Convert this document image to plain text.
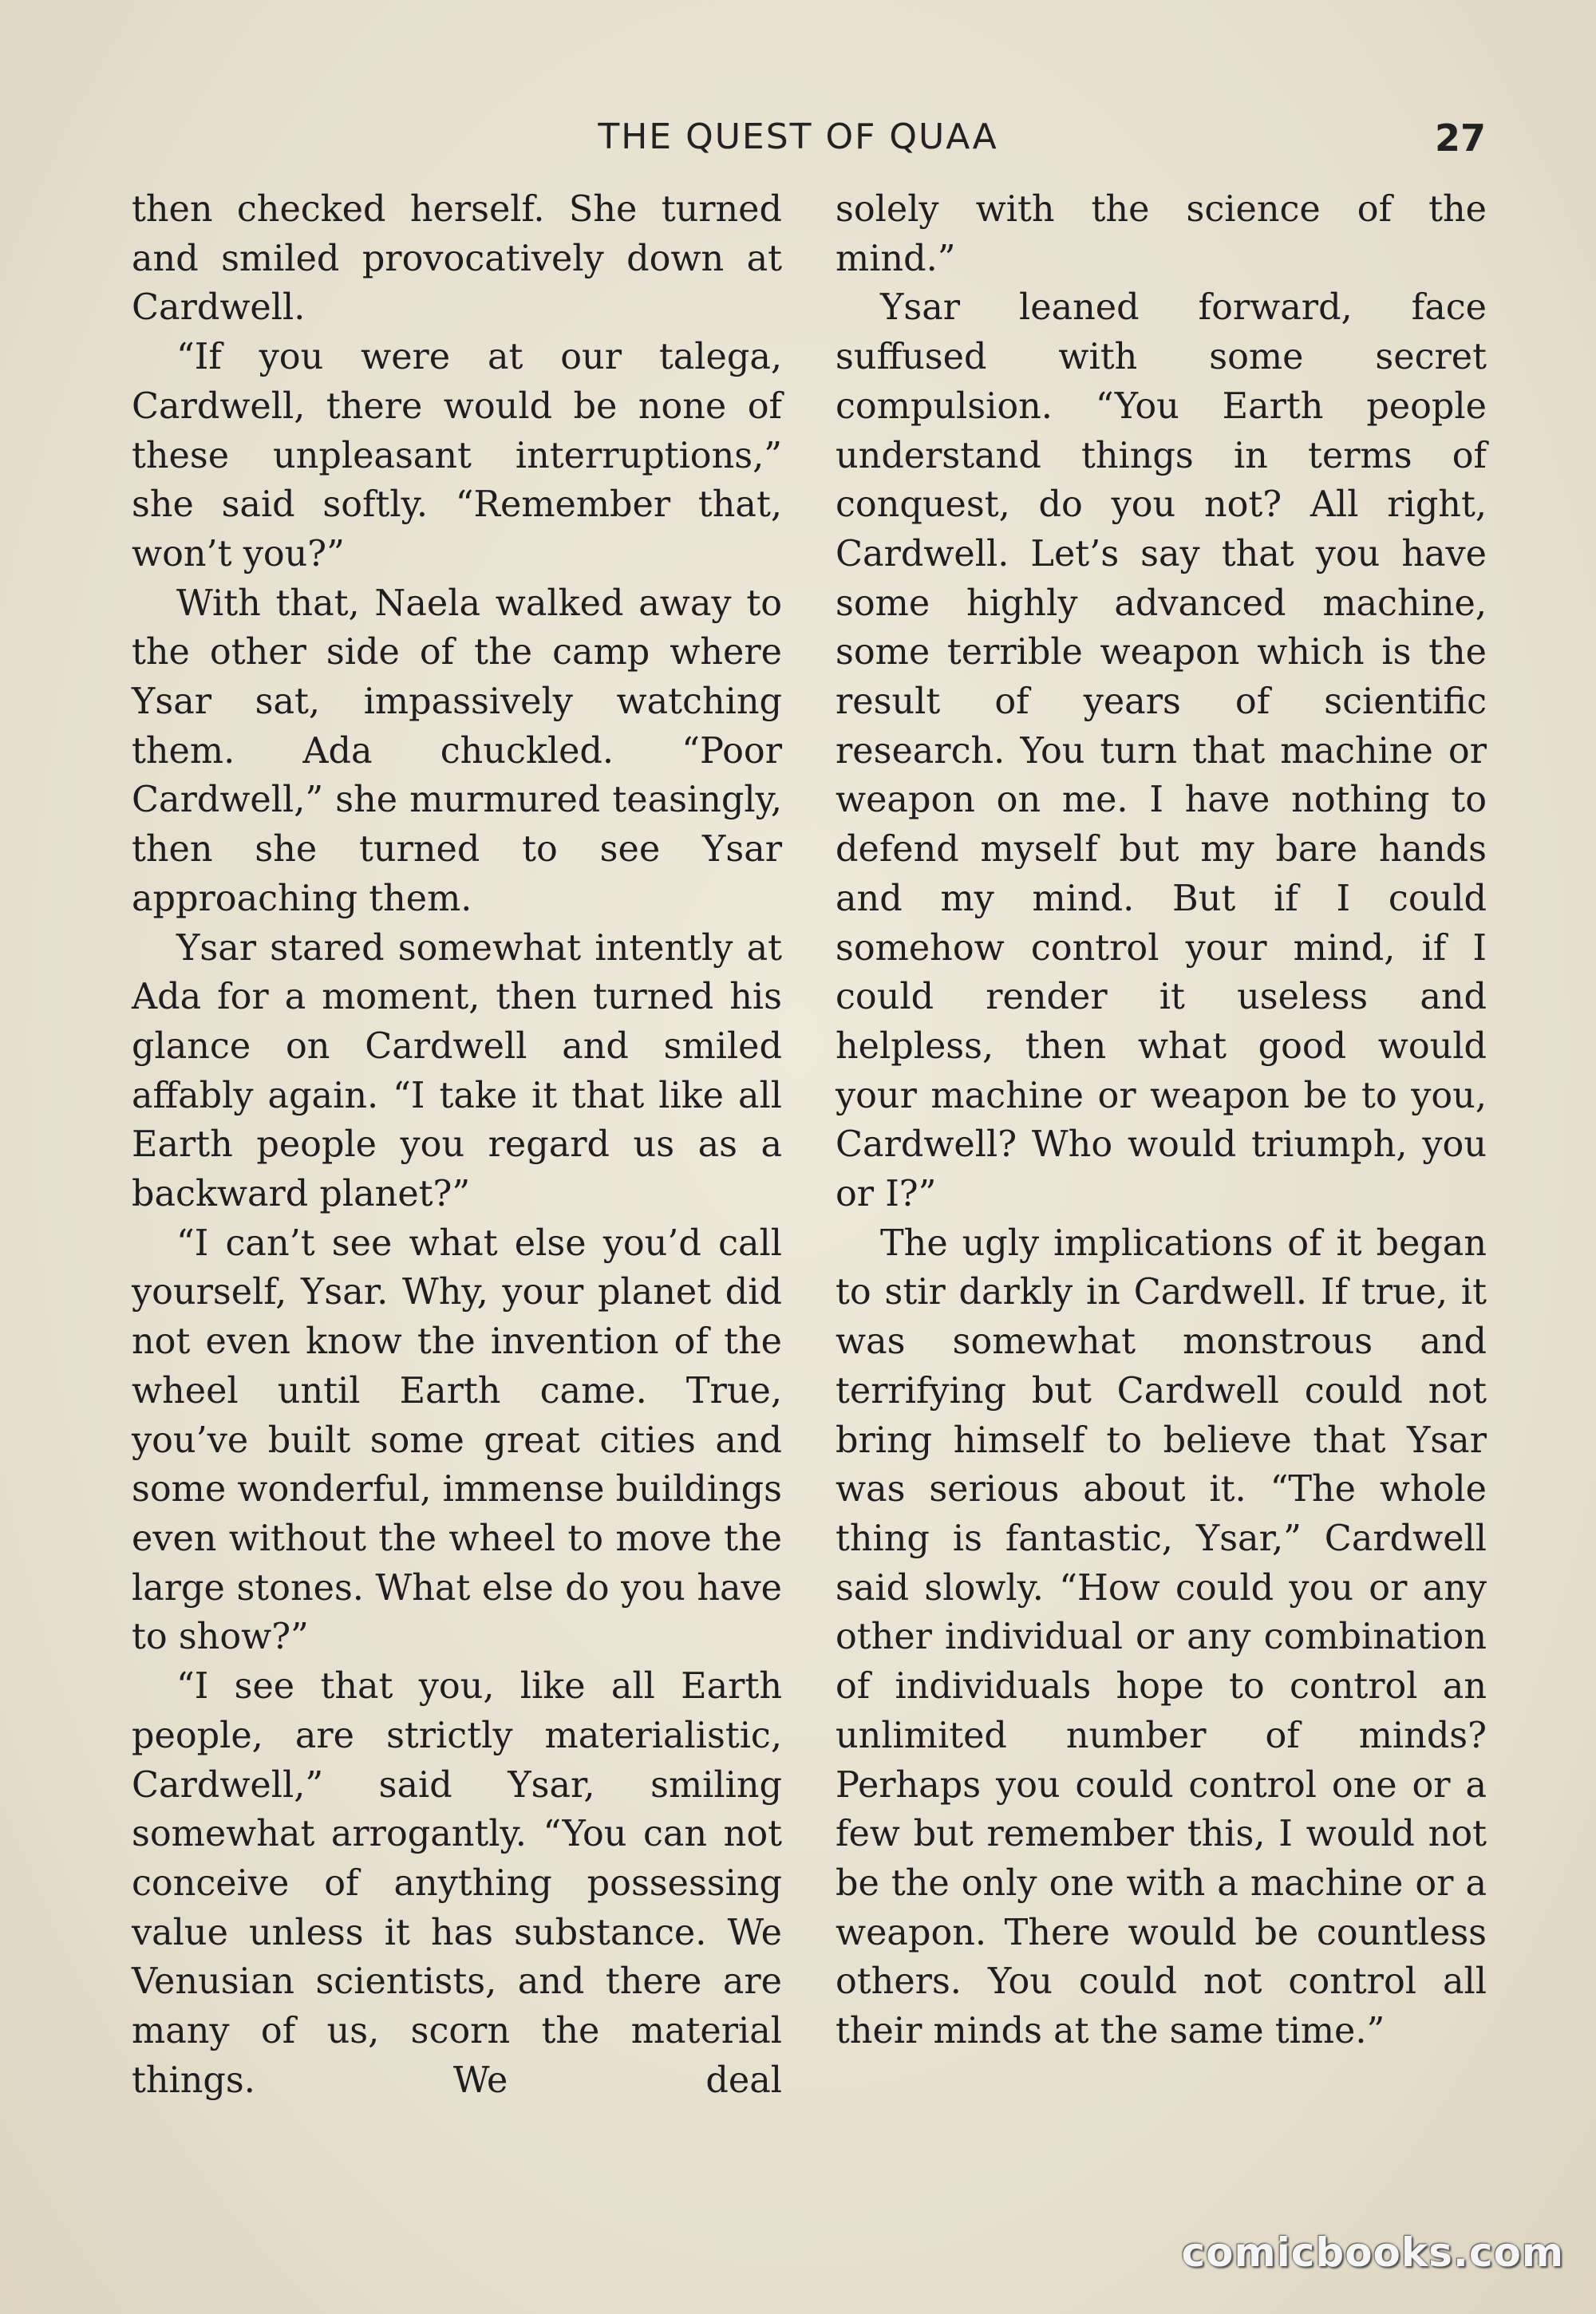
THE QUEST OF QUAA	27

then checked herself. She turned and smiled provocatively down at Cardwell.

“If you were at our talega, Cardwell, there would be none of these unpleasant interruptions,” she said softly. “Remember that, won’t you?”

With that, Naela walked away to the other side of the camp where Ysar sat, impassively watching them. Ada chuckled. “Poor Cardwell,” she murmured teasingly, then she turned to see Ysar approaching them.

Ysar stared somewhat intently at Ada for a moment, then turned his glance on Cardwell and smiled affably again. “I take it that like all Earth people you regard us as a backward planet?”

“I can’t see what else you’d call yourself, Ysar. Why, your planet did not even know the invention of the wheel until Earth came. True, you’ve built some great cities and some wonderful, immense buildings even without the wheel to move the large stones. What else do you have to show?”

“I see that you, like all Earth people, are strictly materialistic, Cardwell,” said Ysar, smiling somewhat arrogantly. “You can not conceive of anything possessing value unless it has substance. We Venusian scientists, and there are many of us, scorn the material things. We deal

solely with the science of the mind.”

Ysar leaned forward, face suffused with some secret compulsion. “You Earth people understand things in terms of conquest, do you not? All right, Cardwell. Let’s say that you have some highly advanced machine, some terrible weapon which is the result of years of scientific research. You turn that machine or weapon on me. I have nothing to defend myself but my bare hands and my mind. But if I could somehow control your mind, if I could render it useless and helpless, then what good would your machine or weapon be to you, Cardwell? Who would triumph, you or I?”

The ugly implications of it began to stir darkly in Cardwell. If true, it was somewhat monstrous and terrifying but Cardwell could not bring himself to believe that Ysar was serious about it. “The whole thing is fantastic, Ysar,” Cardwell said slowly. “How could you or any other individual or any combination of individuals hope to control an unlimited number of minds? Perhaps you could control one or a few but remember this, I would not be the only one with a machine or a weapon. There would be countless others. You could not control all their minds at the same time.”

comicbooks.com
